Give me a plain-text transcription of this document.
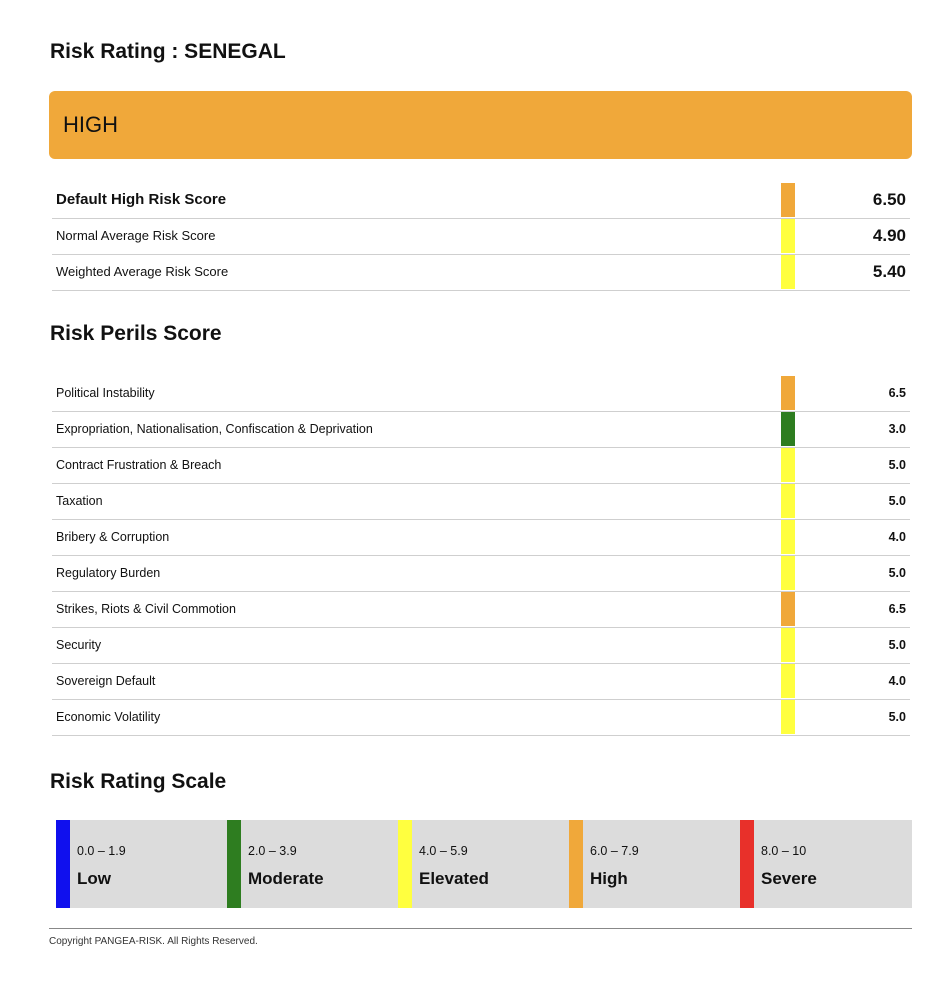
Risk Rating : SENEGAL
HIGH
Default High Risk Score	6.50
Normal Average Risk Score	4.90
Weighted Average Risk Score	5.40
Risk Perils Score
Political Instability	6.5
Expropriation, Nationalisation, Confiscation & Deprivation	3.0
Contract Frustration & Breach	5.0
Taxation	5.0
Bribery & Corruption	4.0
Regulatory Burden	5.0
Strikes, Riots & Civil Commotion	6.5
Security	5.0
Sovereign Default	4.0
Economic Volatility	5.0
Risk Rating Scale
0.0 – 1.9
Low
2.0 – 3.9
Moderate
4.0 – 5.9
Elevated
6.0 – 7.9
High
8.0 – 10
Severe
Copyright PANGEA-RISK. All Rights Reserved.
